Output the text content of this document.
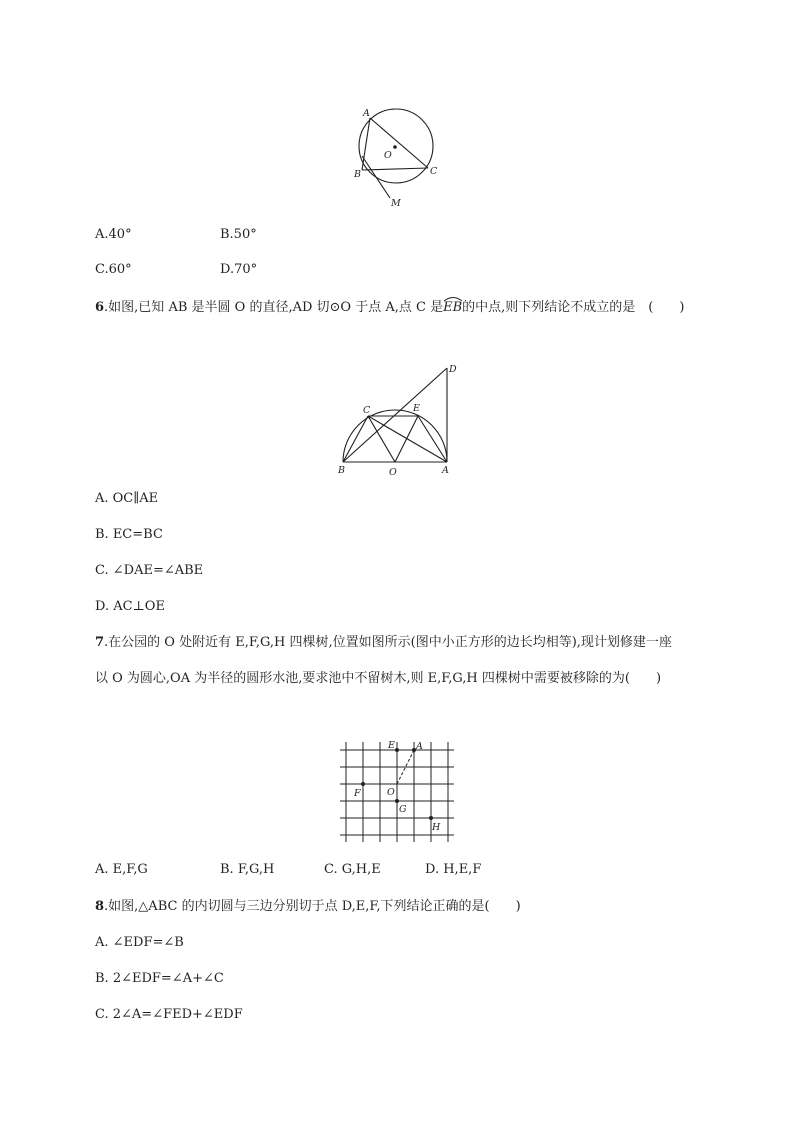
A
O
B	C
M
A.40°	B.50°
C.60°	D.70°
6.如图,已知 AB 是半圆 O 的直径,AD 切⊙O 于点 A,点 C 是
EB的中点,则下列结论不成立的是　(　　)
D
C	E
B	O	A
A. OC∥AE
B. EC=BC
C. ∠DAE=∠ABE
D. AC⊥OE
7.在公园的 O 处附近有 E,F,G,H 四棵树,位置如图所示(图中小正方形的边长均相等),现计划修建一座
以 O 为圆心,OA 为半径的圆形水池,要求池中不留树木,则 E,F,G,H 四棵树中需要被移除的为(　　)
E A
F	O
G
H
A. E,F,G	B. F,G,H	C. G,H,E	D. H,E,F
8.如图,△ABC 的内切圆与三边分别切于点 D,E,F,下列结论正确的是(　　)
A. ∠EDF=∠B
B. 2∠EDF=∠A+∠C
C. 2∠A=∠FED+∠EDF
